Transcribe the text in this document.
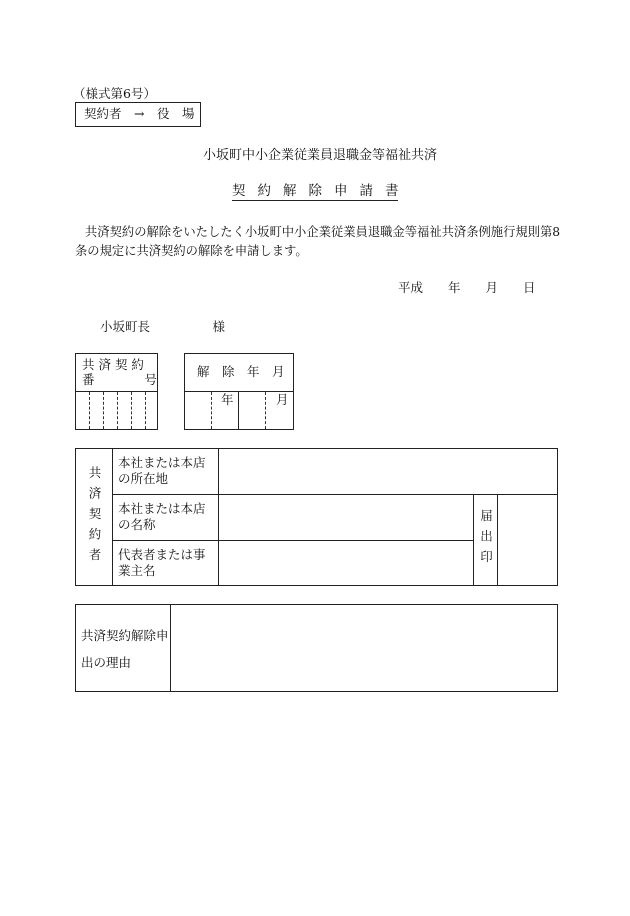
（様式第6号）
契約者　→　役　場
小坂町中小企業従業員退職金等福祉共済
契約解除申請書
共済契約の解除をいたしたく小坂町中小企業従業員退職金等福祉共済条例施行規則第8
条の規定に共済契約の解除を申請します。
平成　　年　　月　　日
小坂町長　　　　　様
共 済 契 約
番　　　　号
解　除　年　月
年	月
共済契約者
本社または本店の所在地
本社または本店の名称
代表者または事業主名	届出印
共済契約解除申
出の理由
